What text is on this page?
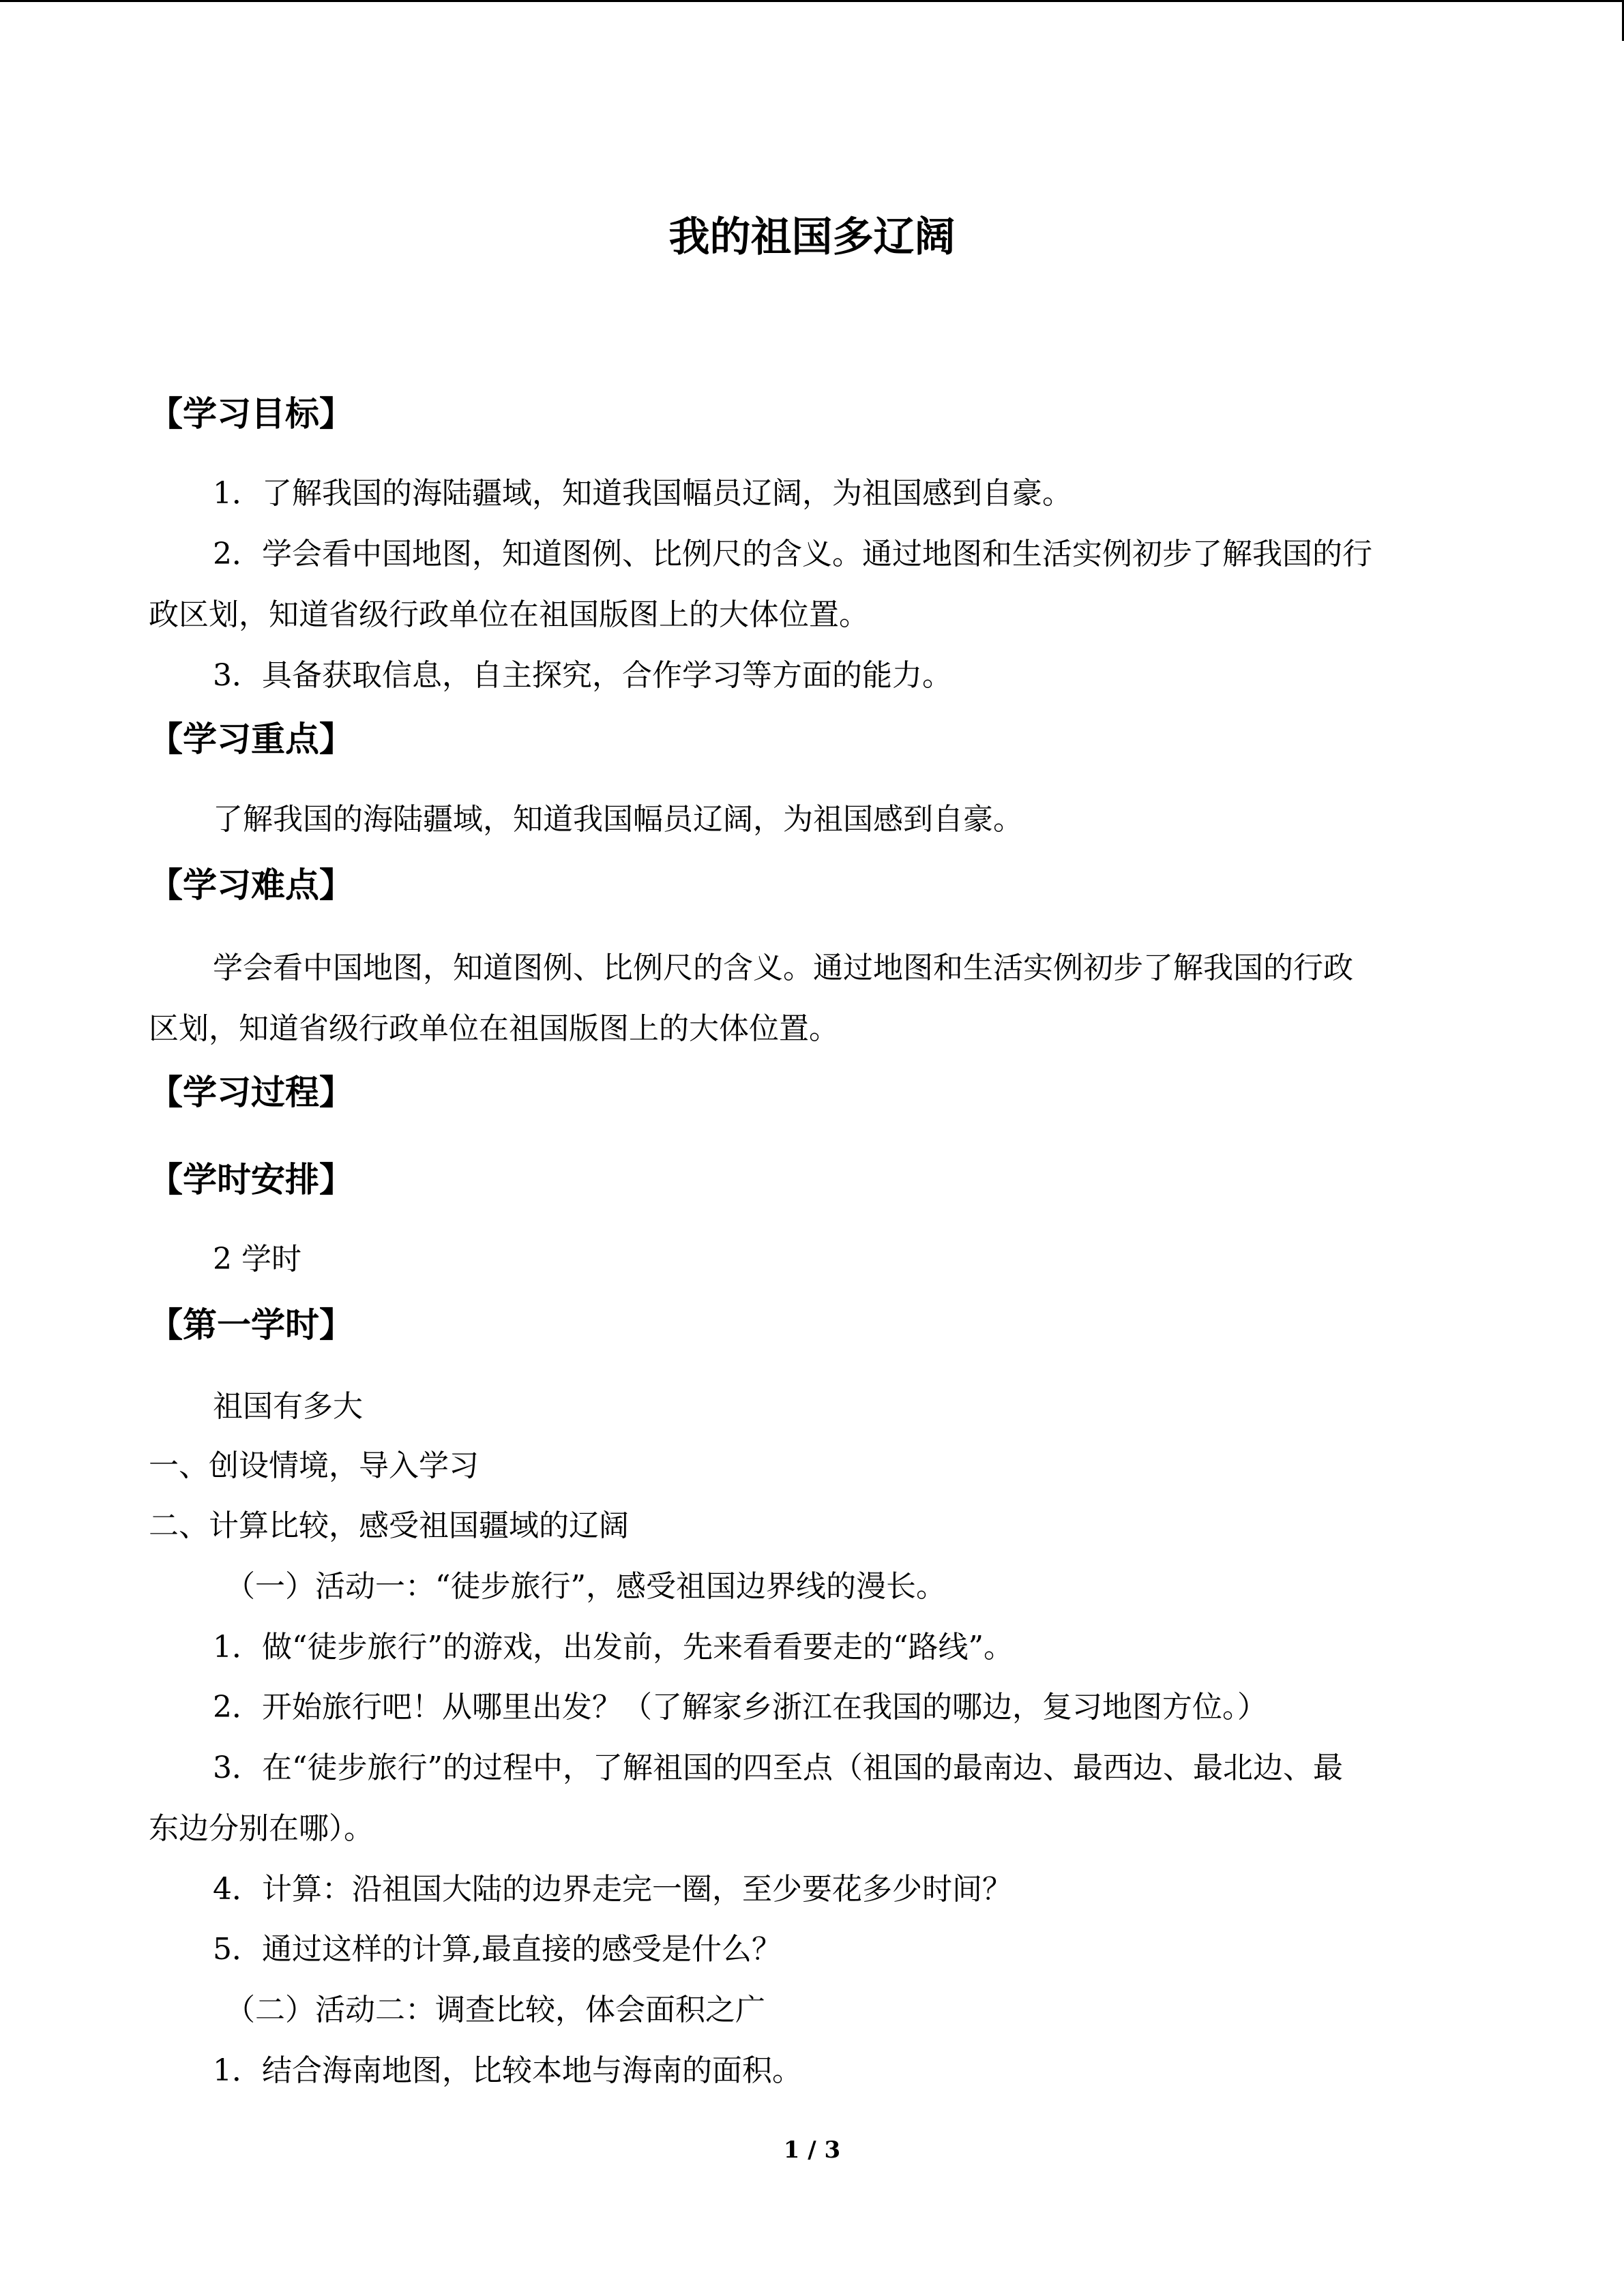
我的祖国多辽阔
【学习目标】
1．了解我国的海陆疆域，知道我国幅员辽阔，为祖国感到自豪。
2．学会看中国地图，知道图例、比例尺的含义。通过地图和生活实例初步了解我国的行
政区划，知道省级行政单位在祖国版图上的大体位置。
3．具备获取信息，自主探究，合作学习等方面的能力。
【学习重点】
了解我国的海陆疆域，知道我国幅员辽阔，为祖国感到自豪。
【学习难点】
学会看中国地图，知道图例、比例尺的含义。通过地图和生活实例初步了解我国的行政
区划，知道省级行政单位在祖国版图上的大体位置。
【学习过程】
【学时安排】
2 学时
【第一学时】
祖国有多大
一、创设情境，导入学习
二、计算比较，感受祖国疆域的辽阔
（一）活动一：“徒步旅行”，感受祖国边界线的漫长。
1．做“徒步旅行”的游戏，出发前，先来看看要走的“路线”。
2．开始旅行吧！从哪里出发？（了解家乡浙江在我国的哪边，复习地图方位。）
3．在“徒步旅行”的过程中，了解祖国的四至点（祖国的最南边、最西边、最北边、最
东边分别在哪）。
4．计算：沿祖国大陆的边界走完一圈，至少要花多少时间？
5．通过这样的计算,最直接的感受是什么？
（二）活动二：调查比较，体会面积之广
1．结合海南地图，比较本地与海南的面积。
1 / 3
